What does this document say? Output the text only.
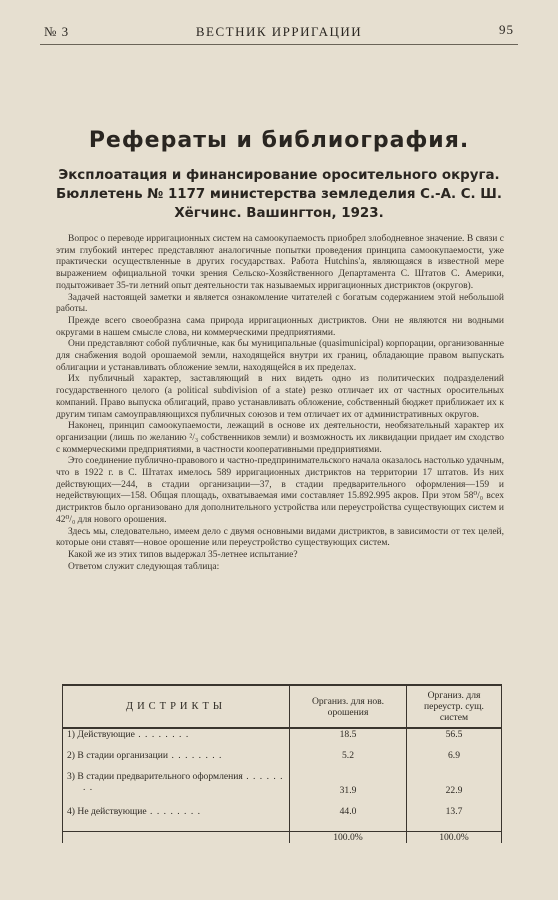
№ 3	ВЕСТНИК ИРРИГАЦИИ	95
Рефераты и библиография.
Эксплоатация и финансирование оросительного округа. Бюллетень № 1177 министерства земледелия С.-А. С. Ш. Хёгчинс. Вашингтон, 1923.

Вопрос о переводе ирригационных систем на самоокупаемость приобрел злободневное значение. В связи с этим глубокий интерес представляют аналогичные попытки проведения принципа самоокупаемости, уже практически осуществленные в других государствах. Работа Hutchins'а, являющаяся в известной мере выражением официальной точки зрения Сельско-Хозяйственного Департамента С. Штатов С. Америки, подытоживает 35-ти летний опыт деятельности так называемых ирригационных дистриктов (округов).

Задачей настоящей заметки и является ознакомление читателей с богатым содержанием этой небольшой работы.

Прежде всего своеобразна сама природа ирригационных дистриктов. Они не являются ни водными округами в нашем смысле слова, ни коммерческими предприятиями.

Они представляют собой публичные, как бы муниципальные (quasimunicipal) корпорации, организованные для снабжения водой орошаемой земли, находящейся внутри их границ, обладающие правом выпускать облигации и устанавливать обложение земли, находящейся в их пределах.

Их публичный характер, заставляющий в них видеть одно из политических подразделений государственного целого (a political subdivision of a state) резко отличает их от частных оросительных компаний. Право выпуска облигаций, право устанавливать обложение, собственный бюджет приближает их к другим типам самоуправляющихся публичных союзов и тем отличает их от административных округов.

Наконец, принцип самоокупаемости, лежащий в основе их деятельности, необязательный характер их организации (лишь по желанию ²/₃ собственников земли) и возможность их ликвидации придает им сходство с коммерческими предприятиями, в частности кооперативными предприятиями.

Это соединение публично-правового и частно-предпринимательского начала оказалось настолько удачным, что в 1922 г. в С. Штатах имелось 589 ирригационных дистриктов на территории 17 штатов. Из них действующих—244, в стадии организации—37, в стадии предварительного оформления—159 и недействующих—158. Общая площадь, охватываемая ими составляет 15.892.995 акров. При этом 58⁰/₀ всех дистриктов было организовано для дополнительного устройства или переустройства существующих систем и 42⁰/₀ для нового орошения.

Здесь мы, следовательно, имеем дело с двумя основными видами дистриктов, в зависимости от тех целей, которые они ставят—новое орошение или переустройство существующих систем.

Какой же из этих типов выдержал 35-летнее испытание?

Ответом служит следующая таблица:

ДИСТРИКТЫ	Организ. для нов. орошения	Организ. для переустр. сущ. систем
1) Действующие . . .	18.5	56.5
2) В стадии организации . . .	5.2	6.9
3) В стадии предварительного оформления . . .	31.9	22.9
4) Не действующие . . .	44.0	13.7
	100.0%	100.0%
